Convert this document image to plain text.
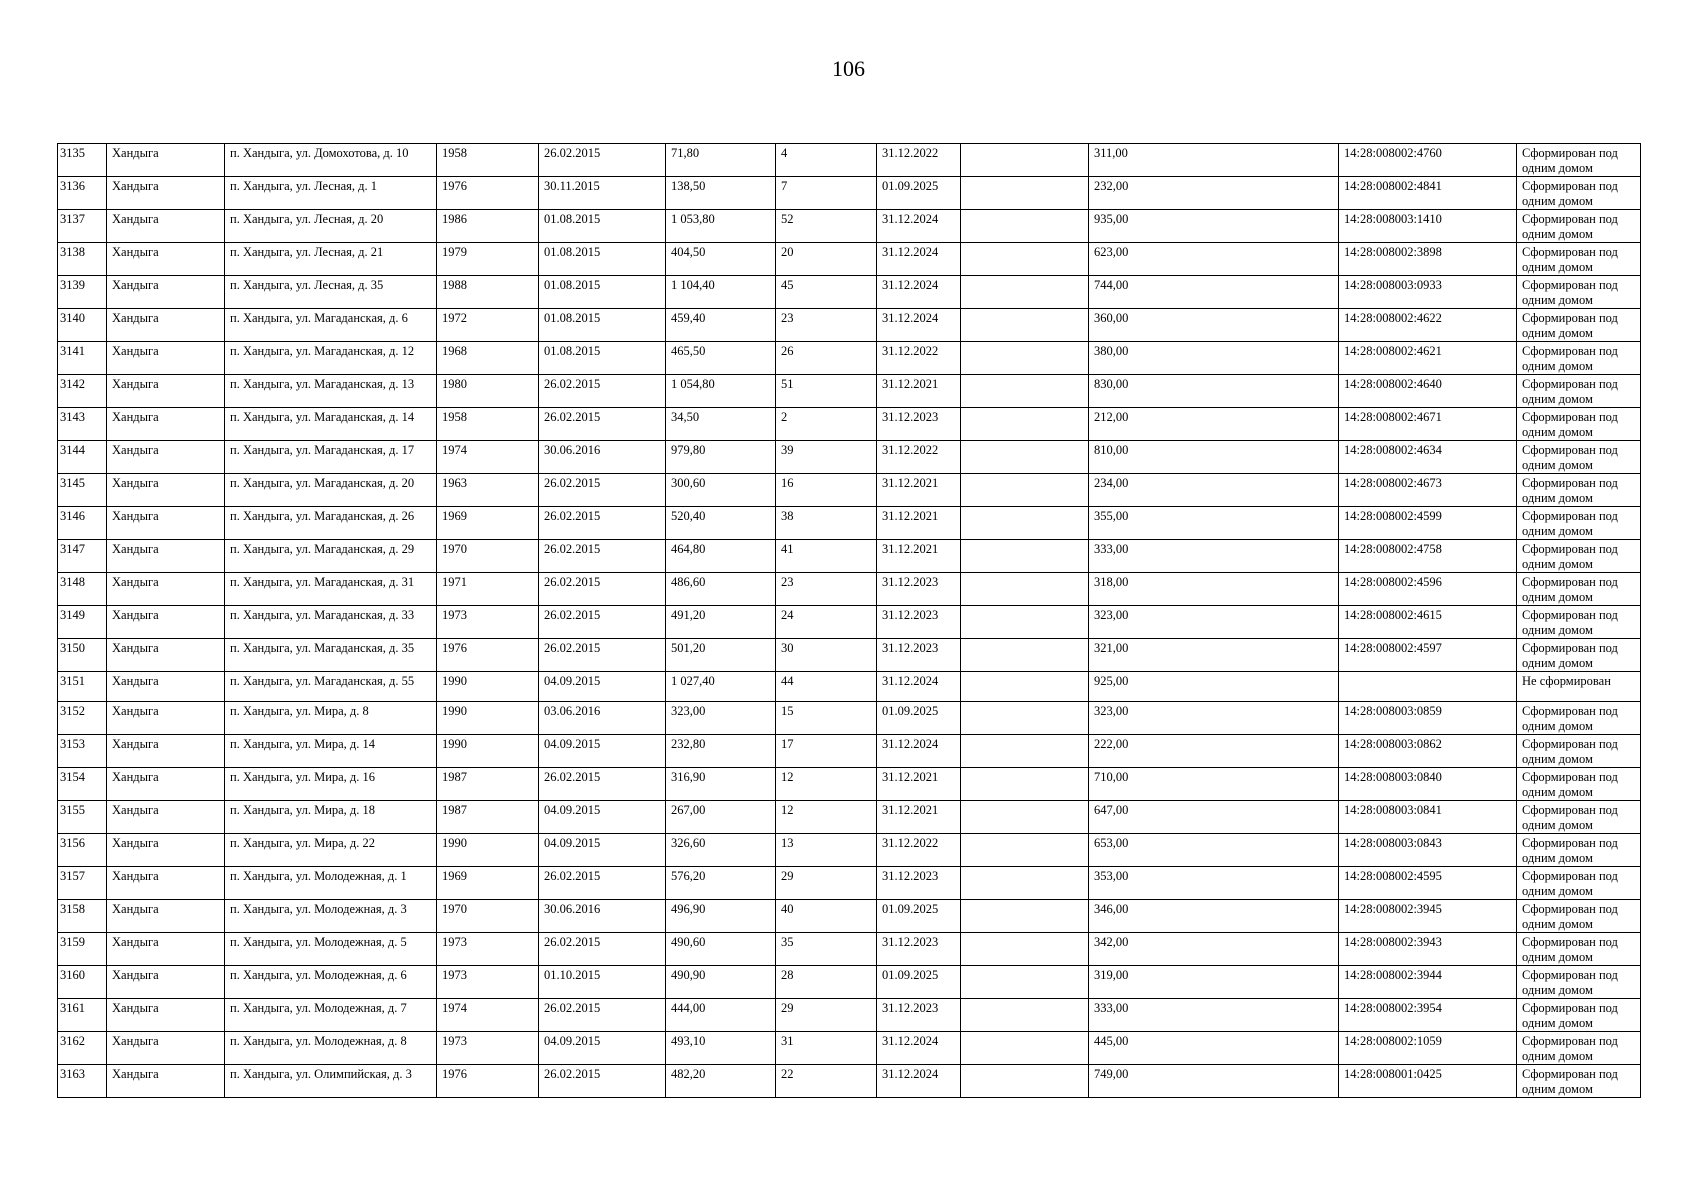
106
3135	Хандыга	п. Хандыга, ул. Домохотова, д. 10	1958	26.02.2015	71,80	4	31.12.2022		311,00	14:28:008002:4760	Сформирован под одним домом
3136	Хандыга	п. Хандыга, ул. Лесная, д. 1	1976	30.11.2015	138,50	7	01.09.2025		232,00	14:28:008002:4841	Сформирован под одним домом
3137	Хандыга	п. Хандыга, ул. Лесная, д. 20	1986	01.08.2015	1 053,80	52	31.12.2024		935,00	14:28:008003:1410	Сформирован под одним домом
3138	Хандыга	п. Хандыга, ул. Лесная, д. 21	1979	01.08.2015	404,50	20	31.12.2024		623,00	14:28:008002:3898	Сформирован под одним домом
3139	Хандыга	п. Хандыга, ул. Лесная, д. 35	1988	01.08.2015	1 104,40	45	31.12.2024		744,00	14:28:008003:0933	Сформирован под одним домом
3140	Хандыга	п. Хандыга, ул. Магаданская, д. 6	1972	01.08.2015	459,40	23	31.12.2024		360,00	14:28:008002:4622	Сформирован под одним домом
3141	Хандыга	п. Хандыга, ул. Магаданская, д. 12	1968	01.08.2015	465,50	26	31.12.2022		380,00	14:28:008002:4621	Сформирован под одним домом
3142	Хандыга	п. Хандыга, ул. Магаданская, д. 13	1980	26.02.2015	1 054,80	51	31.12.2021		830,00	14:28:008002:4640	Сформирован под одним домом
3143	Хандыга	п. Хандыга, ул. Магаданская, д. 14	1958	26.02.2015	34,50	2	31.12.2023		212,00	14:28:008002:4671	Сформирован под одним домом
3144	Хандыга	п. Хандыга, ул. Магаданская, д. 17	1974	30.06.2016	979,80	39	31.12.2022		810,00	14:28:008002:4634	Сформирован под одним домом
3145	Хандыга	п. Хандыга, ул. Магаданская, д. 20	1963	26.02.2015	300,60	16	31.12.2021		234,00	14:28:008002:4673	Сформирован под одним домом
3146	Хандыга	п. Хандыга, ул. Магаданская, д. 26	1969	26.02.2015	520,40	38	31.12.2021		355,00	14:28:008002:4599	Сформирован под одним домом
3147	Хандыга	п. Хандыга, ул. Магаданская, д. 29	1970	26.02.2015	464,80	41	31.12.2021		333,00	14:28:008002:4758	Сформирован под одним домом
3148	Хандыга	п. Хандыга, ул. Магаданская, д. 31	1971	26.02.2015	486,60	23	31.12.2023		318,00	14:28:008002:4596	Сформирован под одним домом
3149	Хандыга	п. Хандыга, ул. Магаданская, д. 33	1973	26.02.2015	491,20	24	31.12.2023		323,00	14:28:008002:4615	Сформирован под одним домом
3150	Хандыга	п. Хандыга, ул. Магаданская, д. 35	1976	26.02.2015	501,20	30	31.12.2023		321,00	14:28:008002:4597	Сформирован под одним домом
3151	Хандыга	п. Хандыга, ул. Магаданская, д. 55	1990	04.09.2015	1 027,40	44	31.12.2024		925,00		Не сформирован
3152	Хандыга	п. Хандыга, ул. Мира, д. 8	1990	03.06.2016	323,00	15	01.09.2025		323,00	14:28:008003:0859	Сформирован под одним домом
3153	Хандыга	п. Хандыга, ул. Мира, д. 14	1990	04.09.2015	232,80	17	31.12.2024		222,00	14:28:008003:0862	Сформирован под одним домом
3154	Хандыга	п. Хандыга, ул. Мира, д. 16	1987	26.02.2015	316,90	12	31.12.2021		710,00	14:28:008003:0840	Сформирован под одним домом
3155	Хандыга	п. Хандыга, ул. Мира, д. 18	1987	04.09.2015	267,00	12	31.12.2021		647,00	14:28:008003:0841	Сформирован под одним домом
3156	Хандыга	п. Хандыга, ул. Мира, д. 22	1990	04.09.2015	326,60	13	31.12.2022		653,00	14:28:008003:0843	Сформирован под одним домом
3157	Хандыга	п. Хандыга, ул. Молодежная, д. 1	1969	26.02.2015	576,20	29	31.12.2023		353,00	14:28:008002:4595	Сформирован под одним домом
3158	Хандыга	п. Хандыга, ул. Молодежная, д. 3	1970	30.06.2016	496,90	40	01.09.2025		346,00	14:28:008002:3945	Сформирован под одним домом
3159	Хандыга	п. Хандыга, ул. Молодежная, д. 5	1973	26.02.2015	490,60	35	31.12.2023		342,00	14:28:008002:3943	Сформирован под одним домом
3160	Хандыга	п. Хандыга, ул. Молодежная, д. 6	1973	01.10.2015	490,90	28	01.09.2025		319,00	14:28:008002:3944	Сформирован под одним домом
3161	Хандыга	п. Хандыга, ул. Молодежная, д. 7	1974	26.02.2015	444,00	29	31.12.2023		333,00	14:28:008002:3954	Сформирован под одним домом
3162	Хандыга	п. Хандыга, ул. Молодежная, д. 8	1973	04.09.2015	493,10	31	31.12.2024		445,00	14:28:008002:1059	Сформирован под одним домом
3163	Хандыга	п. Хандыга, ул. Олимпийская, д. 3	1976	26.02.2015	482,20	22	31.12.2024		749,00	14:28:008001:0425	Сформирован под одним домом
